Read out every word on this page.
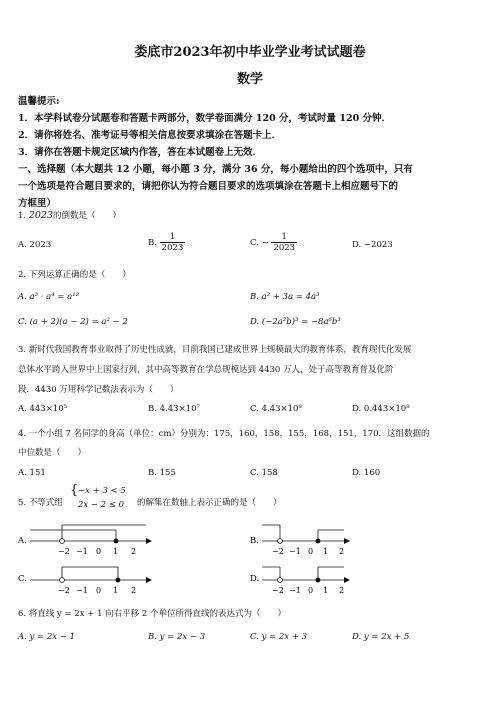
娄底市2023年初中毕业学业考试试题卷
数学
温馨提示:
1．本学科试卷分试题卷和答题卡两部分，数学卷面满分 120 分，考试时量 120 分钟．
2．请你将姓名、准考证号等相关信息按要求填涂在答题卡上．
3．请你在答题卡规定区域内作答，答在本试题卷上无效．
一、选择题（本大题共 12 小题，每小题 3 分，满分 36 分，每小题给出的四个选项中，只有
一个选项是符合题目要求的，请把你认为符合题目要求的选项填涂在答题卡上相应题号下的
方框里）
1. 2023的倒数是（　　）
A. 2023	B. $\frac{1}{2023}$	C. − $\frac{1}{2023}$	D. −2023
2. 下列运算正确的是（　　）
A. a³ · a⁴ = a¹²	B. a² + 3a = 4a³
C. (a + 2)(a − 2) = a² − 2	D. (−2a²b)³ = −8a⁶b³
3. 新时代我国教育事业取得了历史性成就，目前我国已建成世界上规模最大的教育体系，教育现代化发展
总体水平跨入世界中上国家行列，其中高等教育在学总规模达到 4430 万人，处于高等教育普及化阶
段．4430 万用科学记数法表示为（　　）
A. 443×10⁵	B. 4.43×10⁷	C. 4.43×10⁸	D. 0.443×10⁸
4. 一个小组 7 名同学的身高（单位：cm）分别为：175，160，158，155，168，151，170．这组数据的
中位数是（　　）
A. 151	B. 155	C. 158	D. 160
5. 不等式组
{ −x + 3 < 5
2x − 2 ≤ 0 的解集在数轴上表示正确的是（　　）
A.
−2 −1 0 1 2
B.
−2 −1 0 1 2
C.
−2 −1 0 1 2
D.
−2 −1 0 1 2
6. 将直线 y = 2x + 1 向右平移 2 个单位所得直线的表达式为（　　）
A. y = 2x − 1	B. y = 2x − 3	C. y = 2x + 3	D. y = 2x + 5
